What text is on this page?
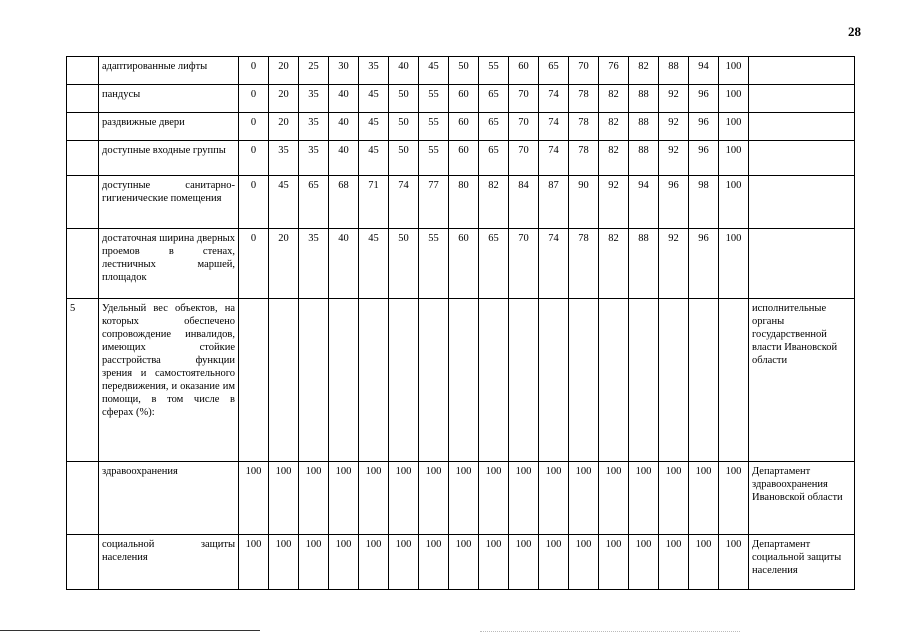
28
	адаптированные лифты	0	20	25	30	35	40	45	50	55	60	65	70	76	82	88	94	100	
	пандусы	0	20	35	40	45	50	55	60	65	70	74	78	82	88	92	96	100	
	раздвижные двери	0	20	35	40	45	50	55	60	65	70	74	78	82	88	92	96	100	
	доступные входные группы	0	35	35	40	45	50	55	60	65	70	74	78	82	88	92	96	100	
	доступные санитарно-гигиенические помещения	0	45	65	68	71	74	77	80	82	84	87	90	92	94	96	98	100	
	достаточная ширина дверных проемов в стенах, лестничных маршей, площадок	0	20	35	40	45	50	55	60	65	70	74	78	82	88	92	96	100	
5	Удельный вес объектов, на которых обеспечено сопровождение инвалидов, имеющих стойкие расстройства функции зрения и самостоятельного передвижения, и оказание им помощи, в том числе в сферах (%):																		исполнительные органы государственной власти Ивановской области
	здравоохранения	100	100	100	100	100	100	100	100	100	100	100	100	100	100	100	100	100	Департамент здравоохранения Ивановской области
	социальной защиты населения	100	100	100	100	100	100	100	100	100	100	100	100	100	100	100	100	100	Департамент социальной защиты населения
